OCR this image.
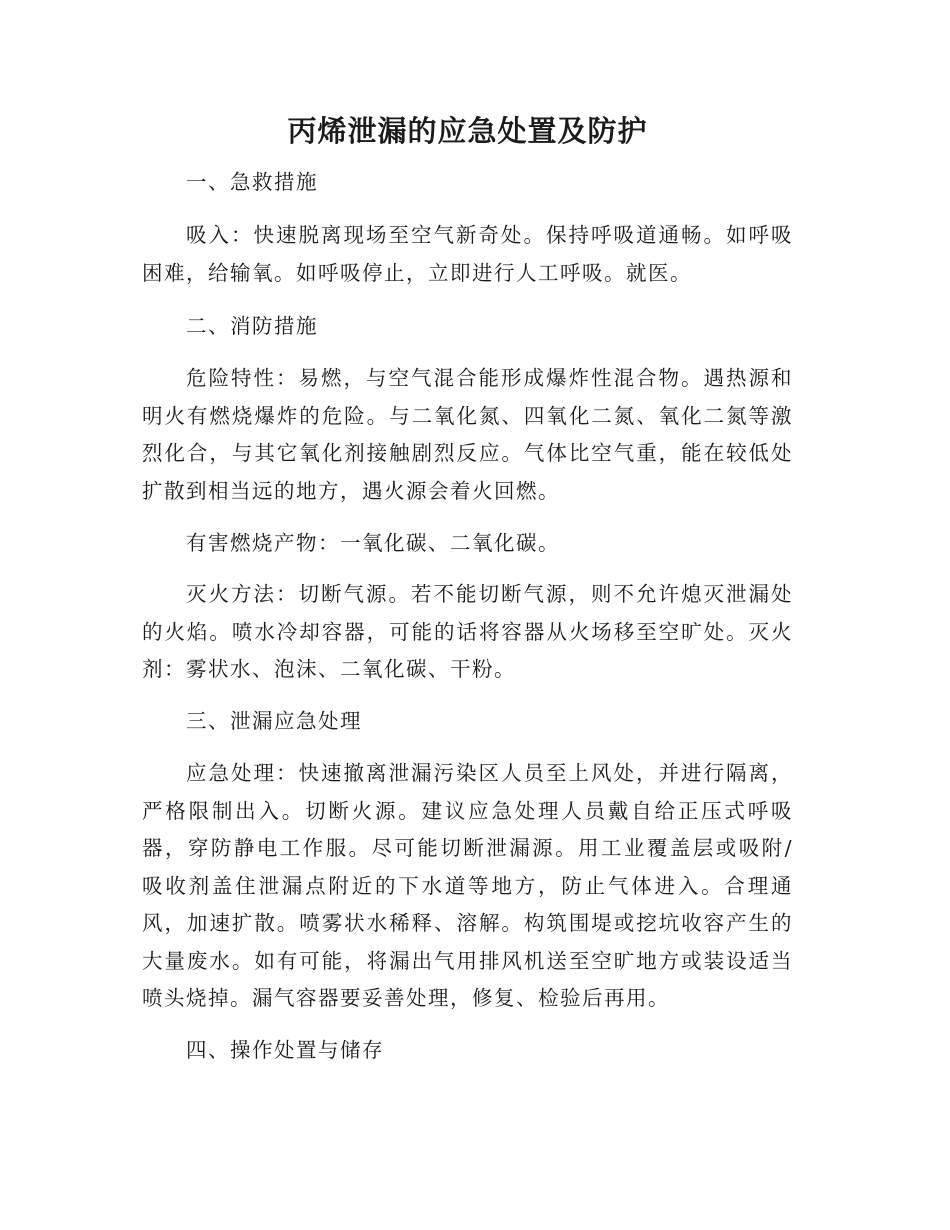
丙烯泄漏的应急处置及防护

一、急救措施

吸入：快速脱离现场至空气新奇处。保持呼吸道通畅。如呼吸困难，给输氧。如呼吸停止，立即进行人工呼吸。就医。

二、消防措施

危险特性：易燃，与空气混合能形成爆炸性混合物。遇热源和明火有燃烧爆炸的危险。与二氧化氮、四氧化二氮、氧化二氮等激烈化合，与其它氧化剂接触剧烈反应。气体比空气重，能在较低处扩散到相当远的地方，遇火源会着火回燃。

有害燃烧产物：一氧化碳、二氧化碳。

灭火方法：切断气源。若不能切断气源，则不允许熄灭泄漏处的火焰。喷水冷却容器，可能的话将容器从火场移至空旷处。灭火剂：雾状水、泡沫、二氧化碳、干粉。

三、泄漏应急处理

应急处理：快速撤离泄漏污染区人员至上风处，并进行隔离，严格限制出入。切断火源。建议应急处理人员戴自给正压式呼吸器，穿防静电工作服。尽可能切断泄漏源。用工业覆盖层或吸附/ 吸收剂盖住泄漏点附近的下水道等地方，防止气体进入。合理通风，加速扩散。喷雾状水稀释、溶解。构筑围堤或挖坑收容产生的大量废水。如有可能，将漏出气用排风机送至空旷地方或装设适当喷头烧掉。漏气容器要妥善处理，修复、检验后再用。

四、操作处置与储存
